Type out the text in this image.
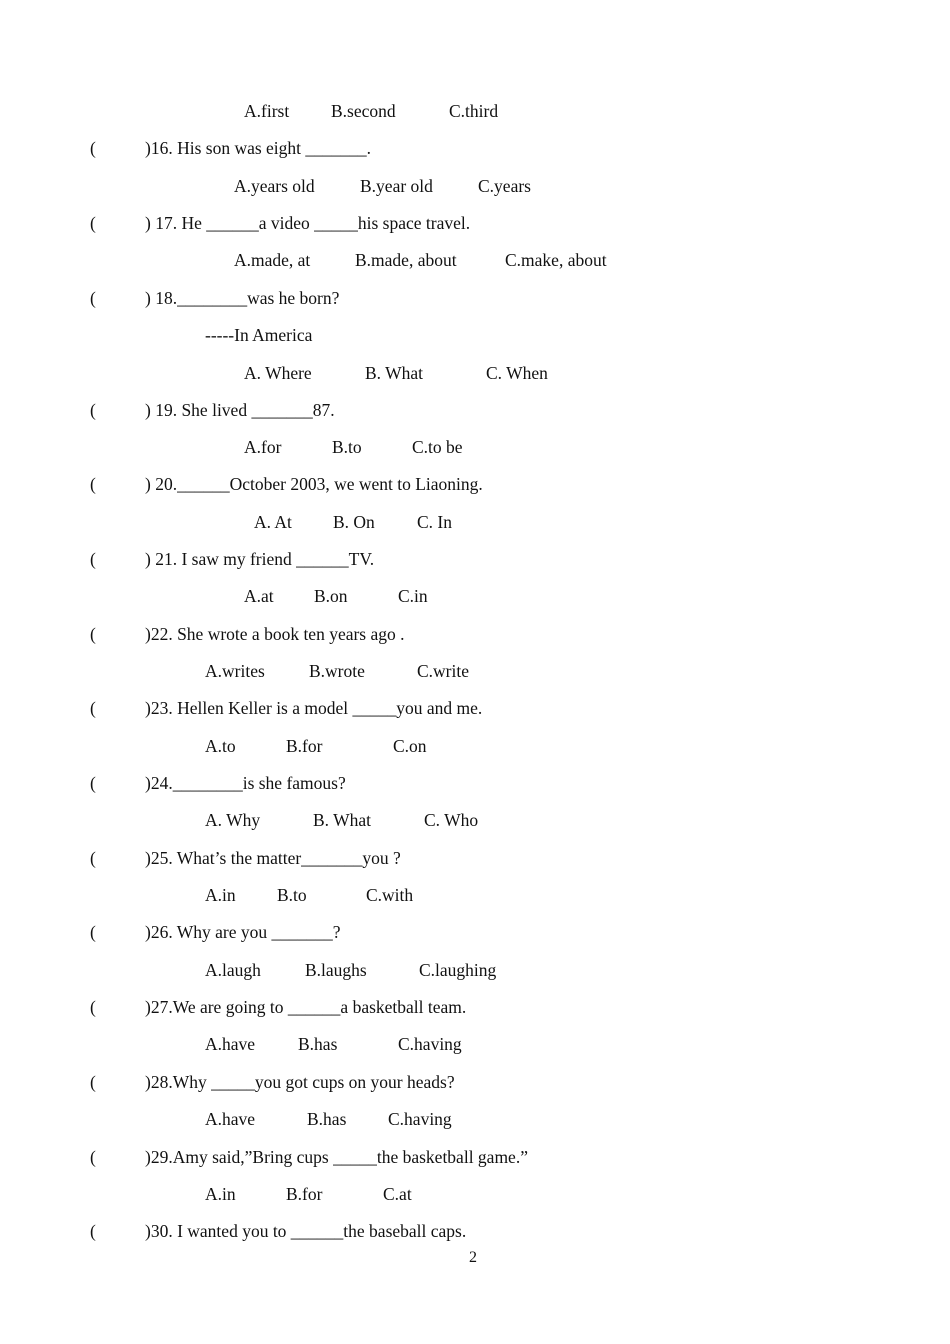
A.first B.second	C.third
(	)16. His son was eight _______.
A.years old	B.year old	C.years
(	) 17. He ______a video _____his space travel.
A.made, at	B.made, about	C.make, about
(	) 18.________was he born?
-----In America
A. Where	B. What	C. When
(	) 19. She lived _______87.
A.for	B.to	C.to be
(	) 20.______October 2003, we went to Liaoning.
A. At B. On C. In
(	) 21. I saw my friend ______TV.
A.at B.on	C.in
(	)22. She wrote a book ten years ago .
A.writes	B.wrote	C.write
(	)23. Hellen Keller is a model _____you and me.
A.to	B.for	C.on
(	)24.________is she famous?
A. Why	B. What	C. Who
(	)25. What’s the matter_______you ?
A.in B.to	C.with
(	)26. Why are you _______?
A.laugh	B.laughs	C.laughing
(	)27.We are going to ______a basketball team.
A.have B.has	C.having
(	)28.Why _____you got cups on your heads?
A.have	B.has C.having
(	)29.Amy said,”Bring cups _____the basketball game.”
A.in	B.for	C.at
(	)30. I wanted you to ______the baseball caps.
2
